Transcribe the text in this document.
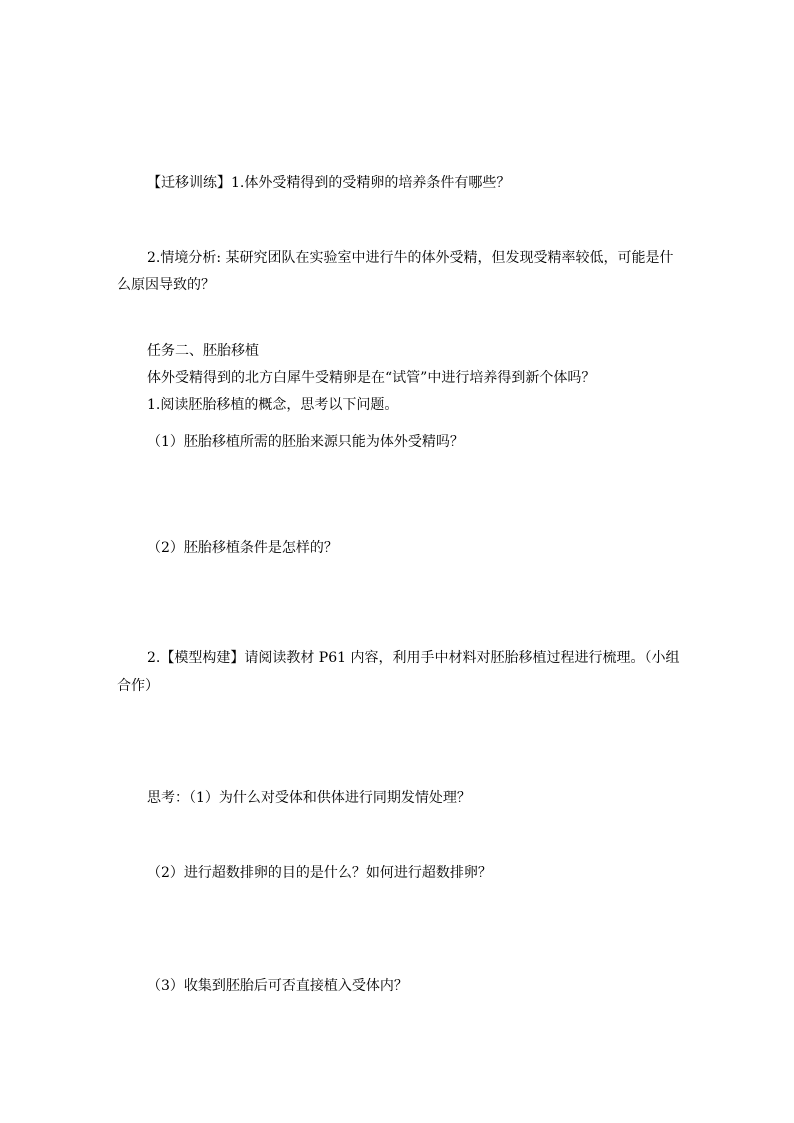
【迁移训练】1.体外受精得到的受精卵的培养条件有哪些？

2.情境分析: 某研究团队在实验室中进行牛的体外受精，但发现受精率较低，可能是什

么原因导致的？

任务二、胚胎移植

体外受精得到的北方白犀牛受精卵是在“试管”中进行培养得到新个体吗？

1.阅读胚胎移植的概念，思考以下问题。

（1）胚胎移植所需的胚胎来源只能为体外受精吗？

（2）胚胎移植条件是怎样的？

2.【模型构建】请阅读教材 P61 内容，利用手中材料对胚胎移植过程进行梳理。（小组

合作）

思考：（1）为什么对受体和供体进行同期发情处理？

（2）进行超数排卵的目的是什么？如何进行超数排卵？

（3）收集到胚胎后可否直接植入受体内？
